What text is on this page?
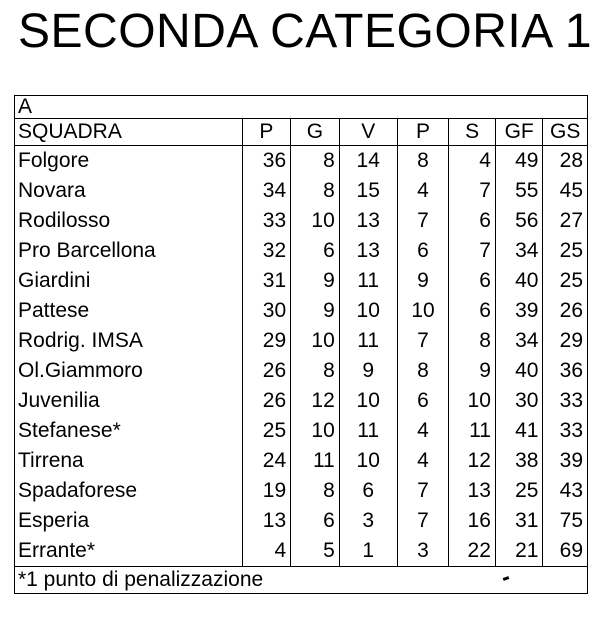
SECONDA CATEGORIA 1
A							
SQUADRA	P	G	V	P	S	GF	GS
Folgore	36	8	14	8	4	49	28
Novara	34	8	15	4	7	55	45
Rodilosso	33	10	13	7	6	56	27
Pro Barcellona	32	6	13	6	7	34	25
Giardini	31	9	11	9	6	40	25
Pattese	30	9	10	10	6	39	26
Rodrig. IMSA	29	10	11	7	8	34	29
Ol.Giammoro	26	8	9	8	9	40	36
Juvenilia	26	12	10	6	10	30	33
Stefanese*	25	10	11	4	11	41	33
Tirrena	24	11	10	4	12	38	39
Spadaforese	19	8	6	7	13	25	43
Esperia	13	6	3	7	16	31	75
Errante*	4	5	1	3	22	21	69
*1 punto di penalizzazione							
